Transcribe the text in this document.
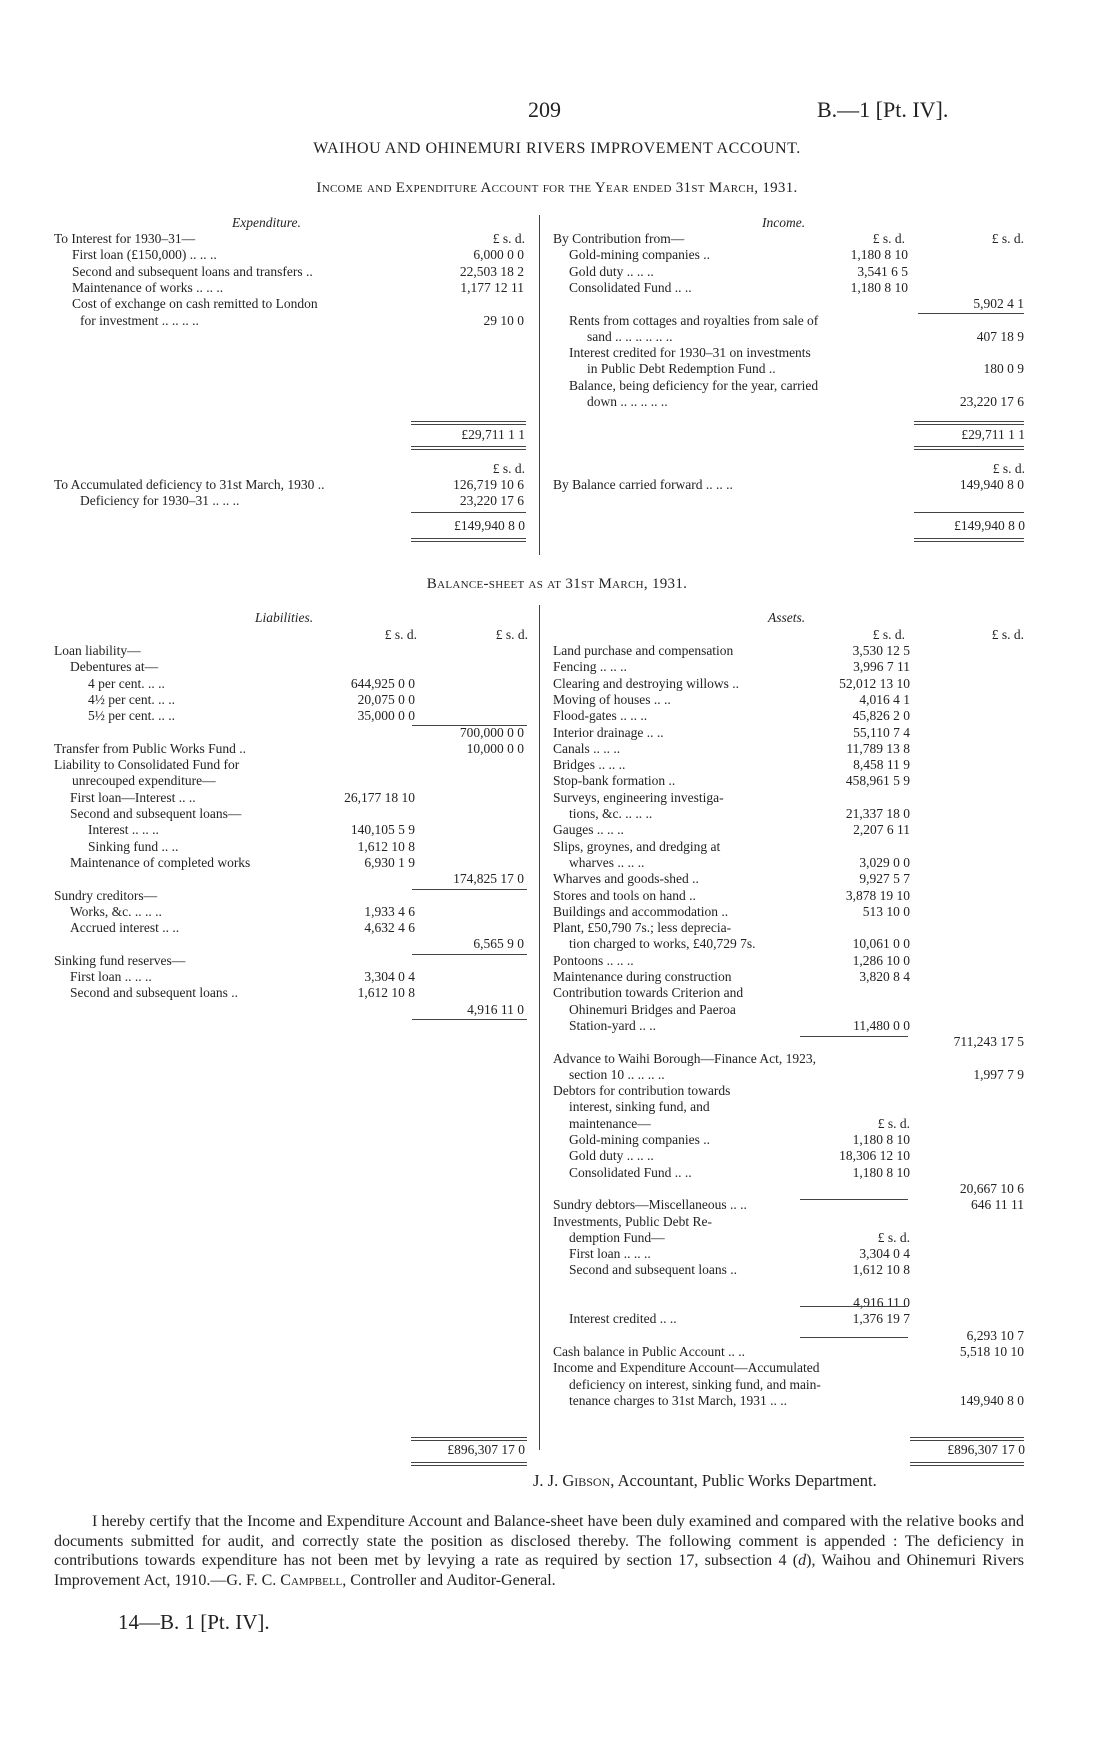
209	B.—1 [Pt. IV].
WAIHOU AND OHINEMURI RIVERS IMPROVEMENT ACCOUNT.
Income and Expenditure Account for the Year ended 31st March, 1931.
Expenditure.	Income.
£ s. d.
To Interest for 1930–31—
First loan (£150,000) .. .. ..	6,000 0 0
Second and subsequent loans and transfers ..	22,503 18 2
Maintenance of works .. .. ..	1,177 12 11
Cost of exchange on cash remitted to London
for investment .. .. .. ..	29 10 0
£29,711 1 1
£ s. d.
To Accumulated deficiency to 31st March, 1930 ..	126,719 10 6
Deficiency for 1930–31 .. .. ..	23,220 17 6
£149,940 8 0
£ s. d.	£ s. d.
By Contribution from—
Gold-mining companies ..	1,180 8 10
Gold duty .. .. ..	3,541 6 5
Consolidated Fund .. ..	1,180 8 10
5,902 4 1
Rents from cottages and royalties from sale of
sand .. .. .. .. .. ..	407 18 9
Interest credited for 1930–31 on investments
in Public Debt Redemption Fund ..	180 0 9
Balance, being deficiency for the year, carried
down .. .. .. .. ..	23,220 17 6
£29,711 1 1
£ s. d.
By Balance carried forward .. .. ..	149,940 8 0
£149,940 8 0
Balance-sheet as at 31st March, 1931.
Liabilities.	Assets.
£ s. d.	£ s. d.
Loan liability—
Debentures at—
4 per cent. .. ..	644,925 0 0
4½ per cent. .. ..	20,075 0 0
5½ per cent. .. ..	35,000 0 0
700,000 0 0
Transfer from Public Works Fund ..	10,000 0 0
Liability to Consolidated Fund for
unrecouped expenditure—
First loan—Interest .. ..	26,177 18 10
Second and subsequent loans—
Interest .. .. ..	140,105 5 9
Sinking fund .. ..	1,612 10 8
Maintenance of completed works	6,930 1 9
174,825 17 0
Sundry creditors—
Works, &c. .. .. ..	1,933 4 6
Accrued interest .. ..	4,632 4 6
6,565 9 0
Sinking fund reserves—
First loan .. .. ..	3,304 0 4
Second and subsequent loans ..	1,612 10 8
4,916 11 0
£896,307 17 0
£ s. d.	£ s. d.
Land purchase and compensation	3,530 12 5
Fencing .. .. ..	3,996 7 11
Clearing and destroying willows ..	52,012 13 10
Moving of houses .. ..	4,016 4 1
Flood-gates .. .. ..	45,826 2 0
Interior drainage .. ..	55,110 7 4
Canals .. .. ..	11,789 13 8
Bridges .. .. ..	8,458 11 9
Stop-bank formation ..	458,961 5 9
Surveys, engineering investiga-
tions, &c. .. .. ..	21,337 18 0
Gauges .. .. ..	2,207 6 11
Slips, groynes, and dredging at
wharves .. .. ..	3,029 0 0
Wharves and goods-shed ..	9,927 5 7
Stores and tools on hand ..	3,878 19 10
Buildings and accommodation ..	513 10 0
Plant, £50,790 7s.; less deprecia-
tion charged to works, £40,729 7s.	10,061 0 0
Pontoons .. .. ..	1,286 10 0
Maintenance during construction	3,820 8 4
Contribution towards Criterion and
Ohinemuri Bridges and Paeroa
Station-yard .. ..	11,480 0 0
711,243 17 5
Advance to Waihi Borough—Finance Act, 1923,
section 10 .. .. .. ..	1,997 7 9
Debtors for contribution towards
interest, sinking fund, and
maintenance—	£ s. d.
Gold-mining companies ..	1,180 8 10
Gold duty .. .. ..	18,306 12 10
Consolidated Fund .. ..	1,180 8 10
20,667 10 6
Sundry debtors—Miscellaneous .. ..	646 11 11
Investments, Public Debt Re-
demption Fund—	£ s. d.
First loan .. .. ..	3,304 0 4
Second and subsequent loans ..	1,612 10 8
4,916 11 0
Interest credited .. ..	1,376 19 7
6,293 10 7
Cash balance in Public Account .. ..	5,518 10 10
Income and Expenditure Account—Accumulated
deficiency on interest, sinking fund, and main-
tenance charges to 31st March, 1931 .. ..	149,940 8 0
£896,307 17 0
J. J. Gibson, Accountant, Public Works Department.
I hereby certify that the Income and Expenditure Account and Balance-sheet have been duly examined and compared with the relative books and documents submitted for audit, and correctly state the position as disclosed thereby. The following comment is appended : The deficiency in contributions towards expenditure has not been met by levying a rate as required by section 17, subsection 4 (d), Waihou and Ohinemuri Rivers Improvement Act, 1910.—G. F. C. Campbell, Controller and Auditor-General.
14—B. 1 [Pt. IV].
